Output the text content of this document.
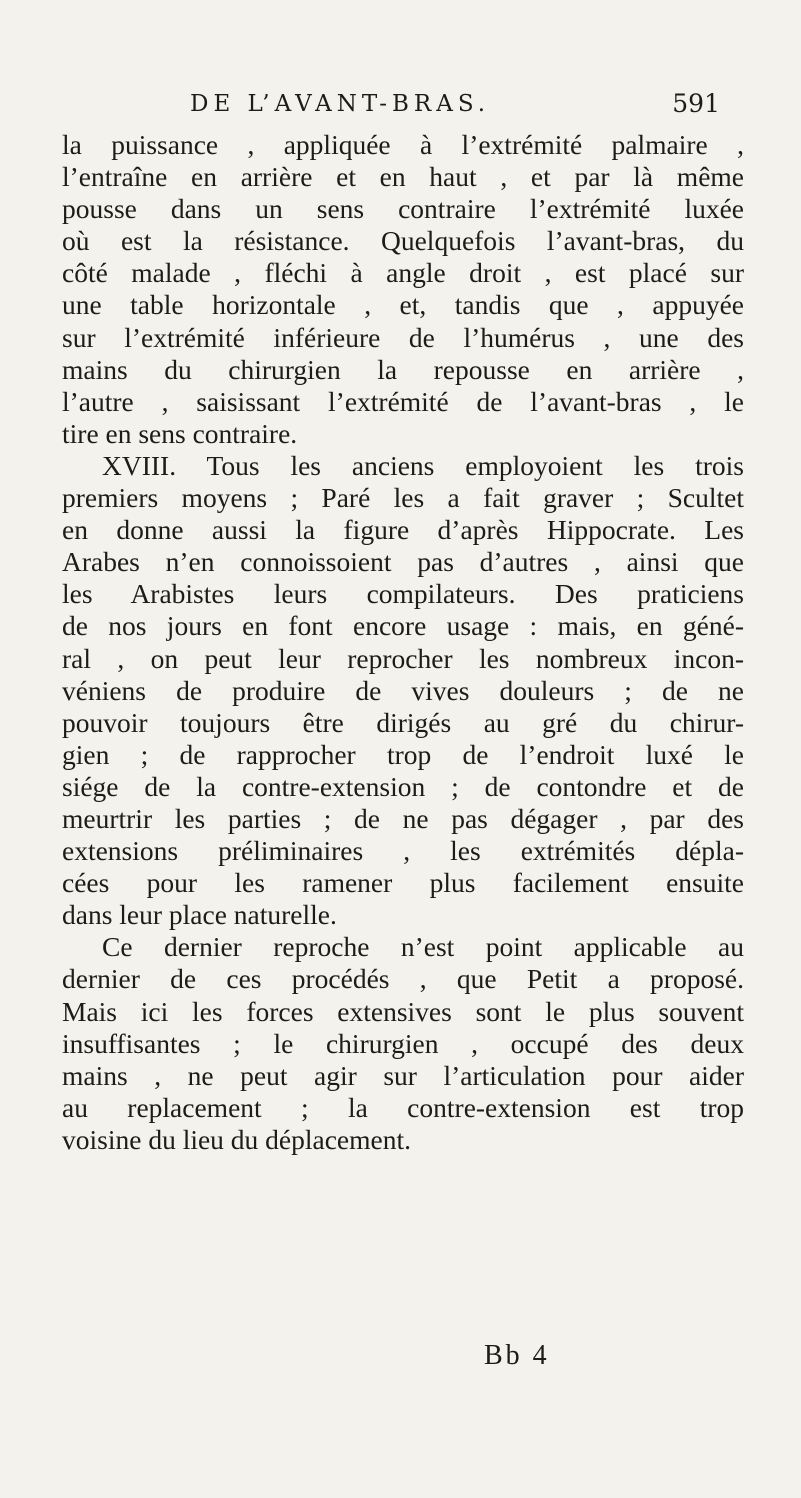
DE L’AVANT-BRAS.	591
la puissance , appliquée à l’extrémité palmaire ,
l’entraîne en arrière et en haut , et par là même
pousse dans un sens contraire l’extrémité luxée
où est la résistance. Quelquefois l’avant-bras, du
côté malade , fléchi à angle droit , est placé sur
une table horizontale , et, tandis que , appuyée
sur l’extrémité inférieure de l’humérus , une des
mains du chirurgien la repousse en arrière ,
l’autre , saisissant l’extrémité de l’avant-bras , le
tire en sens contraire.
XVIII. Tous les anciens employoient les trois
premiers moyens ; Paré les a fait graver ; Scultet
en donne aussi la figure d’après Hippocrate. Les
Arabes n’en connoissoient pas d’autres , ainsi que
les Arabistes leurs compilateurs. Des praticiens
de nos jours en font encore usage : mais, en géné-
ral , on peut leur reprocher les nombreux incon-
véniens de produire de vives douleurs ; de ne
pouvoir toujours être dirigés au gré du chirur-
gien ; de rapprocher trop de l’endroit luxé le
siége de la contre-extension ; de contondre et de
meurtrir les parties ; de ne pas dégager , par des
extensions préliminaires , les extrémités dépla-
cées pour les ramener plus facilement ensuite
dans leur place naturelle.
Ce dernier reproche n’est point applicable au
dernier de ces procédés , que Petit a proposé.
Mais ici les forces extensives sont le plus souvent
insuffisantes ; le chirurgien , occupé des deux
mains , ne peut agir sur l’articulation pour aider
au replacement ; la contre-extension est trop
voisine du lieu du déplacement.
Bb 4
